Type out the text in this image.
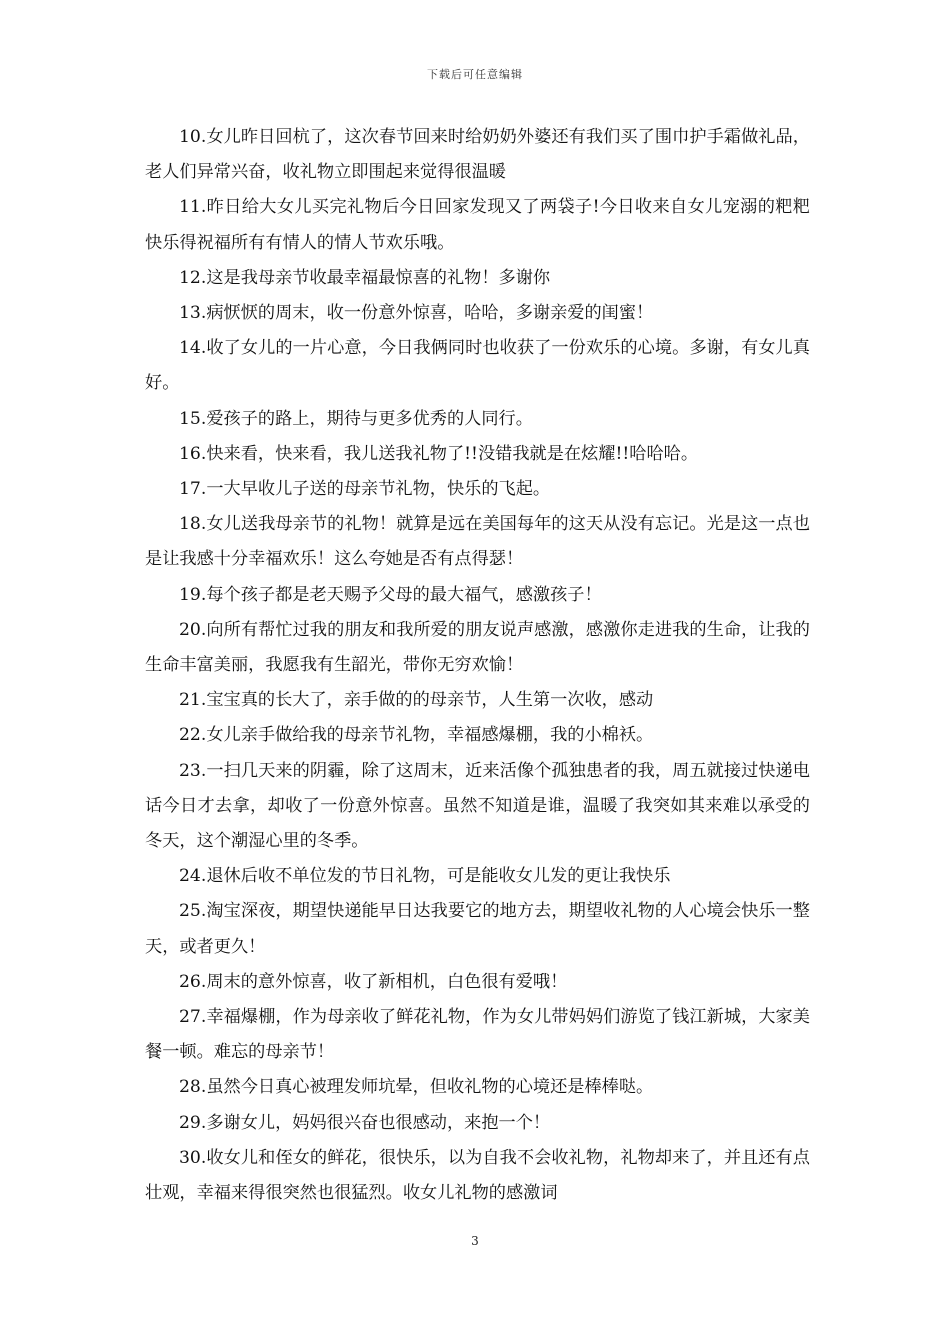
下载后可任意编辑

10.女儿昨日回杭了，这次春节回来时给奶奶外婆还有我们买了围巾护手霜做礼品，老人们异常兴奋，收礼物立即围起来觉得很温暖

11.昨日给大女儿买完礼物后今日回家发现又了两袋子!今日收来自女儿宠溺的粑粑快乐得祝福所有有情人的情人节欢乐哦。

12.这是我母亲节收最幸福最惊喜的礼物！多谢你

13.病恹恹的周末，收一份意外惊喜，哈哈，多谢亲爱的闺蜜！

14.收了女儿的一片心意，今日我俩同时也收获了一份欢乐的心境。多谢，有女儿真好。

15.爱孩子的路上，期待与更多优秀的人同行。

16.快来看，快来看，我儿送我礼物了!!没错我就是在炫耀!!哈哈哈。

17.一大早收儿子送的母亲节礼物，快乐的飞起。

18.女儿送我母亲节的礼物！就算是远在美国每年的这天从没有忘记。光是这一点也是让我感十分幸福欢乐！这么夸她是否有点得瑟！

19.每个孩子都是老天赐予父母的最大福气，感激孩子！

20.向所有帮忙过我的朋友和我所爱的朋友说声感激，感激你走进我的生命，让我的生命丰富美丽，我愿我有生韶光，带你无穷欢愉！

21.宝宝真的长大了，亲手做的的母亲节，人生第一次收，感动

22.女儿亲手做给我的母亲节礼物，幸福感爆棚，我的小棉袄。

23.一扫几天来的阴霾，除了这周末，近来活像个孤独患者的我，周五就接过快递电话今日才去拿，却收了一份意外惊喜。虽然不知道是谁，温暖了我突如其来难以承受的冬天，这个潮湿心里的冬季。

24.退休后收不单位发的节日礼物，可是能收女儿发的更让我快乐

25.淘宝深夜，期望快递能早日达我要它的地方去，期望收礼物的人心境会快乐一整天，或者更久！

26.周末的意外惊喜，收了新相机，白色很有爱哦！

27.幸福爆棚，作为母亲收了鲜花礼物，作为女儿带妈妈们游览了钱江新城，大家美餐一顿。难忘的母亲节！

28.虽然今日真心被理发师坑晕，但收礼物的心境还是棒棒哒。

29.多谢女儿，妈妈很兴奋也很感动，来抱一个！

30.收女儿和侄女的鲜花，很快乐，以为自我不会收礼物，礼物却来了，并且还有点壮观，幸福来得很突然也很猛烈。收女儿礼物的感激词

3
